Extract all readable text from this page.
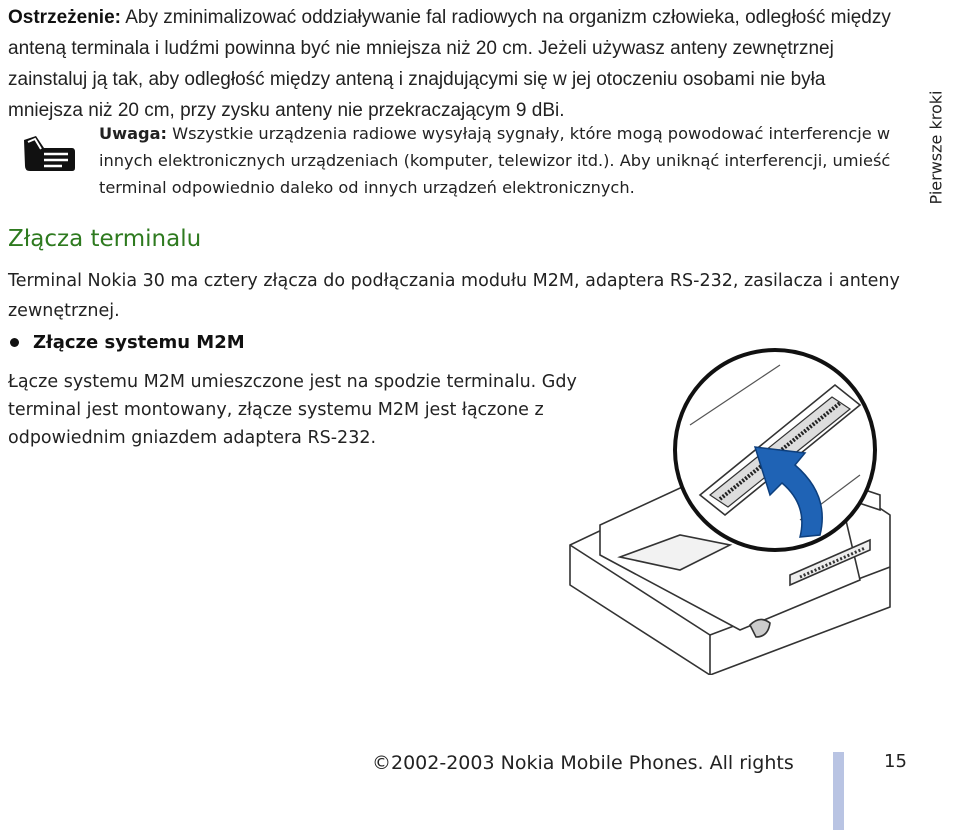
Ostrzeżenie: Aby zminimalizować oddziaływanie fal radiowych na organizm człowieka, odległość między anteną terminala i ludźmi powinna być nie mniejsza niż 20 cm. Jeżeli używasz anteny zewnętrznej zainstaluj ją tak, aby odległość między anteną i znajdującymi się w jej otoczeniu osobami nie była mniejsza niż 20 cm, przy zysku anteny nie przekraczającym 9 dBi.
Uwaga: Wszystkie urządzenia radiowe wysyłają sygnały, które mogą powodować interferencje w innych elektronicznych urządzeniach (komputer, telewizor itd.). Aby uniknąć interferencji, umieść terminal odpowiednio daleko od innych urządzeń elektronicznych.
Złącza terminalu
Terminal Nokia 30 ma cztery złącza do podłączania modułu M2M, adaptera RS-232, zasilacza i anteny zewnętrznej.
Złącze systemu M2M
Łącze systemu M2M umieszczone jest na spodzie terminalu. Gdy terminal jest montowany, złącze systemu M2M jest łączone z odpowiednim gniazdem adaptera RS-232.
Pierwsze kroki
©2002-2003 Nokia Mobile Phones. All rights	15
